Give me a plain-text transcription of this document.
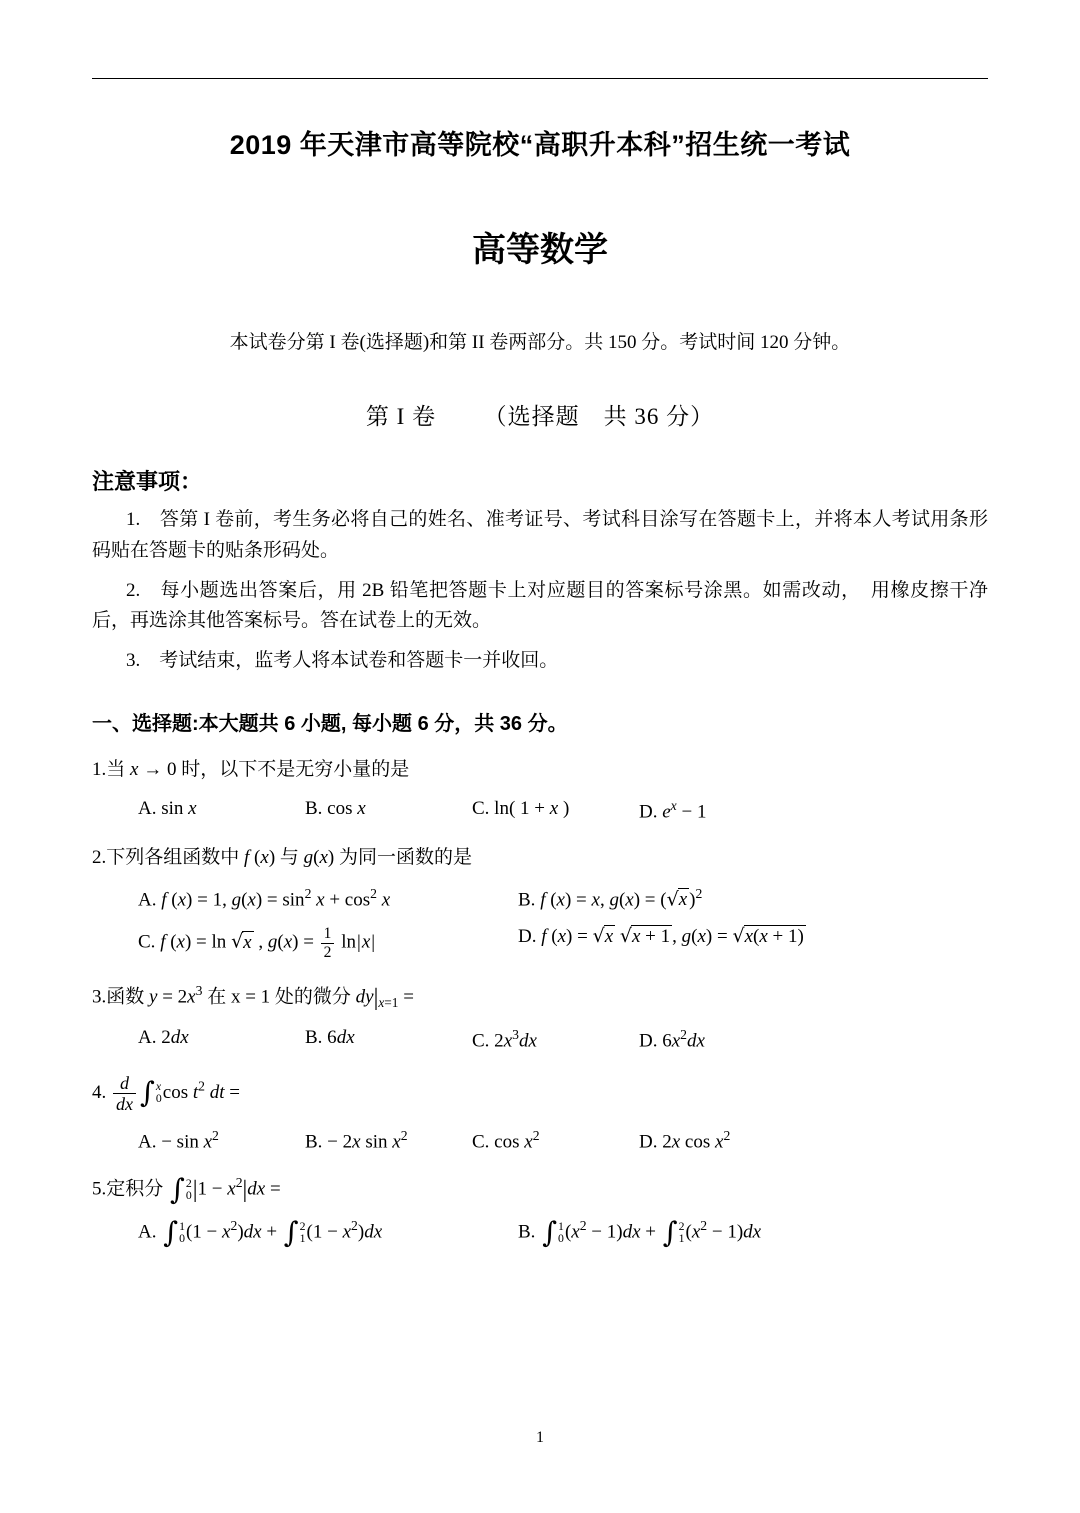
2019 年天津市高等院校“高职升本科”招生统一考试
高等数学
本试卷分第 I 卷(选择题)和第 II 卷两部分。共 150 分。考试时间 120 分钟。
第 I 卷 （选择题　共 36 分）
注意事项：
1.　答第 I 卷前，考生务必将自己的姓名、准考证号、考试科目涂写在答题卡上，并将本人考试用条形码贴在答题卡的贴条形码处。
2.　每小题选出答案后，用 2B 铅笔把答题卡上对应题目的答案标号涂黑。如需改动，　用橡皮擦干净后，再选涂其他答案标号。答在试卷上的无效。
3.　考试结束，监考人将本试卷和答题卡一并收回。
一、选择题:本大题共 6 小题, 每小题 6 分，共 36 分。
1.当 x → 0 时，以下不是无穷小量的是
A. sin x	B. cos x	C. ln( 1 + x )	D. $e^x - 1$
2.下列各组函数中 f (x) 与 g(x) 为同一函数的是
A. f (x) = 1, $g(x) = \sin^2 x + \cos^2 x$	B. f (x) = x, g(x) = (√x )$^2$
C. f (x) = ln √x , $g(x) = \frac{1}{2} \ln|x|$	D. f (x) = √x √x + 1 , g(x) = √x(x + 1)
3.函数 $y = 2x^3$ 在 x = 1 处的微分 $dy|_{x=1}$ =
A. 2dx	B. 6dx	C. $2x^3dx$	D. $6x^2dx$
4. $\frac{d}{dx}$ ∫ x
0 $\cos t^2$ dt =
A. − $\sin x^2$	B. − 2x $\sin x^2$	C. $\cos x^2$	D. 2x $\cos x^2$
5.定积分 ∫ 2
0 $|1 - x^2|dx$ =
A. ∫ 1
0 $(1 - x^2)dx$ + ∫ 2
1 $(1 - x^2)dx$	B. ∫ 1
0 $(x^2 - 1)dx$ + ∫ 2
1 $(x^2 - 1)dx$
1
